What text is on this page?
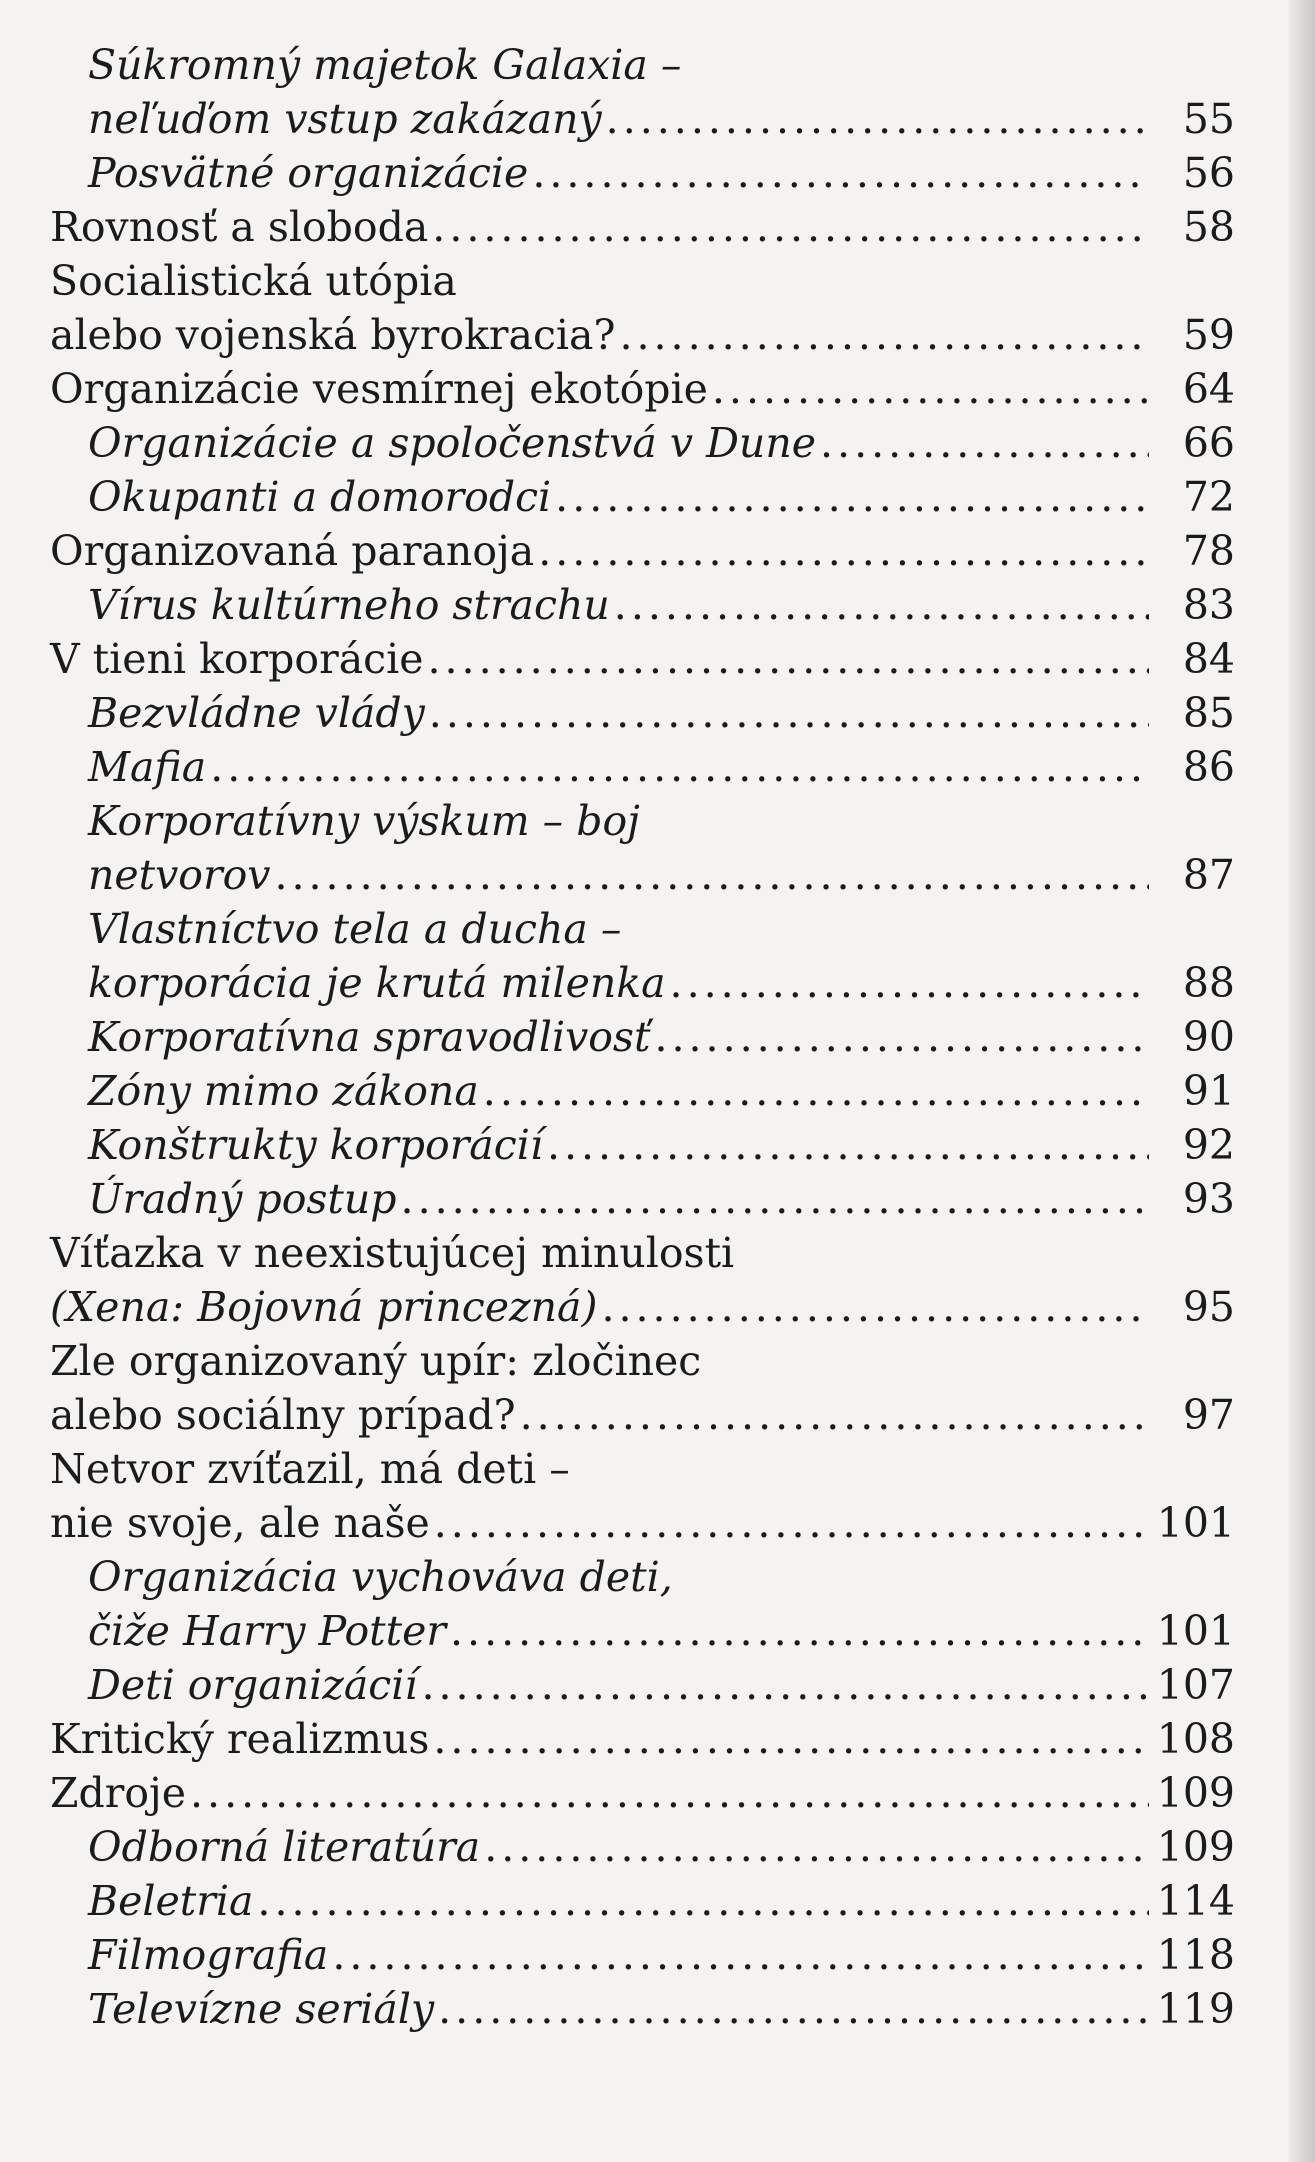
Súkromný majetok Galaxia –
neľuďom vstup zakázaný .....	55
Posvätné organizácie .....	56
Rovnosť a sloboda .....	58
Socialistická utópia
alebo vojenská byrokracia? .....	59
Organizácie vesmírnej ekotópie .....	64
Organizácie a spoločenstvá v Dune .....	66
Okupanti a domorodci .....	72
Organizovaná paranoja .....	78
Vírus kultúrneho strachu .....	83
V tieni korporácie .....	84
Bezvládne vlády .....	85
Mafia .....	86
Korporatívny výskum – boj
netvorov .....	87
Vlastníctvo tela a ducha –
korporácia je krutá milenka .....	88
Korporatívna spravodlivosť .....	90
Zóny mimo zákona .....	91
Konštrukty korporácií .....	92
Úradný postup .....	93
Víťazka v neexistujúcej minulosti
(Xena: Bojovná princezná) .....	95
Zle organizovaný upír: zločinec
alebo sociálny prípad? .....	97
Netvor zvíťazil, má deti –
nie svoje, ale naše .....	101
Organizácia vychováva deti,
čiže Harry Potter .....	101
Deti organizácií .....	107
Kritický realizmus .....	108
Zdroje .....	109
Odborná literatúra .....	109
Beletria .....	114
Filmografia .....	118
Televízne seriály .....	119
